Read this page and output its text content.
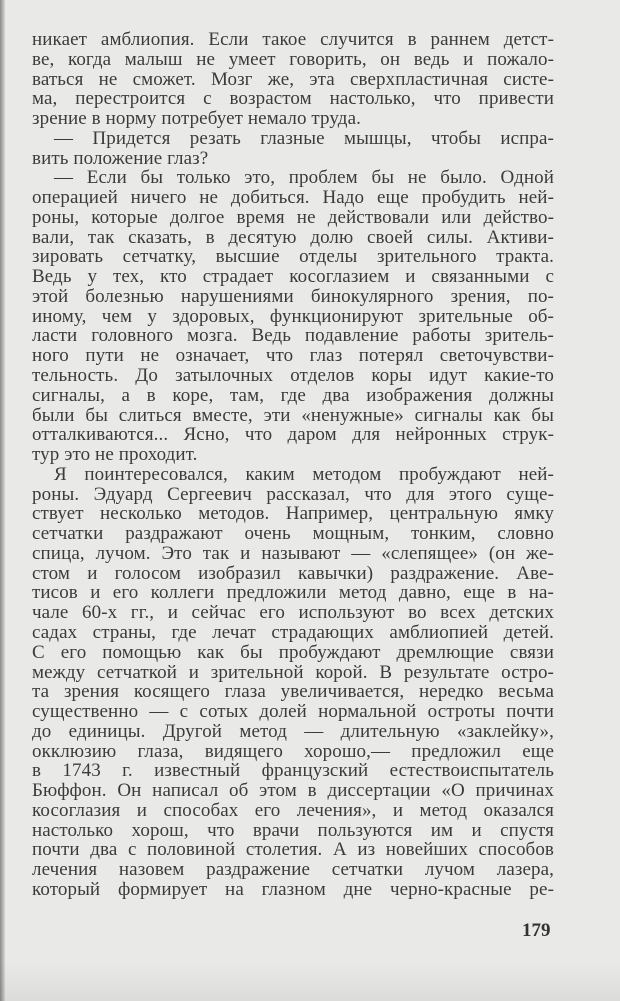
никает амблиопия. Если такое случится в раннем детст-
ве, когда малыш не умеет говорить, он ведь и пожало-
ваться не сможет. Мозг же, эта сверхпластичная систе-
ма, перестроится с возрастом настолько, что привести
зрение в норму потребует немало труда.
— Придется резать глазные мышцы, чтобы испра-
вить положение глаз?
— Если бы только это, проблем бы не было. Одной
операцией ничего не добиться. Надо еще пробудить ней-
роны, которые долгое время не действовали или действо-
вали, так сказать, в десятую долю своей силы. Активи-
зировать сетчатку, высшие отделы зрительного тракта.
Ведь у тех, кто страдает косоглазием и связанными с
этой болезнью нарушениями бинокулярного зрения, по-
иному, чем у здоровых, функционируют зрительные об-
ласти головного мозга. Ведь подавление работы зритель-
ного пути не означает, что глаз потерял светочувстви-
тельность. До затылочных отделов коры идут какие-то
сигналы, а в коре, там, где два изображения должны
были бы слиться вместе, эти «ненужные» сигналы как бы
отталкиваются... Ясно, что даром для нейронных струк-
тур это не проходит.
Я поинтересовался, каким методом пробуждают ней-
роны. Эдуард Сергеевич рассказал, что для этого суще-
ствует несколько методов. Например, центральную ямку
сетчатки раздражают очень мощным, тонким, словно
спица, лучом. Это так и называют — «слепящее» (он же-
стом и голосом изобразил кавычки) раздражение. Аве-
тисов и его коллеги предложили метод давно, еще в на-
чале 60-х гг., и сейчас его используют во всех детских
садах страны, где лечат страдающих амблиопией детей.
С его помощью как бы пробуждают дремлющие связи
между сетчаткой и зрительной корой. В результате остро-
та зрения косящего глаза увеличивается, нередко весьма
существенно — с сотых долей нормальной остроты почти
до единицы. Другой метод — длительную «заклейку»,
окклюзию глаза, видящего хорошо,— предложил еще
в 1743 г. известный французский естествоиспытатель
Бюффон. Он написал об этом в диссертации «О причинах
косоглазия и способах его лечения», и метод оказался
настолько хорош, что врачи пользуются им и спустя
почти два с половиной столетия. А из новейших способов
лечения назовем раздражение сетчатки лучом лазера,
который формирует на глазном дне черно-красные ре-
179
